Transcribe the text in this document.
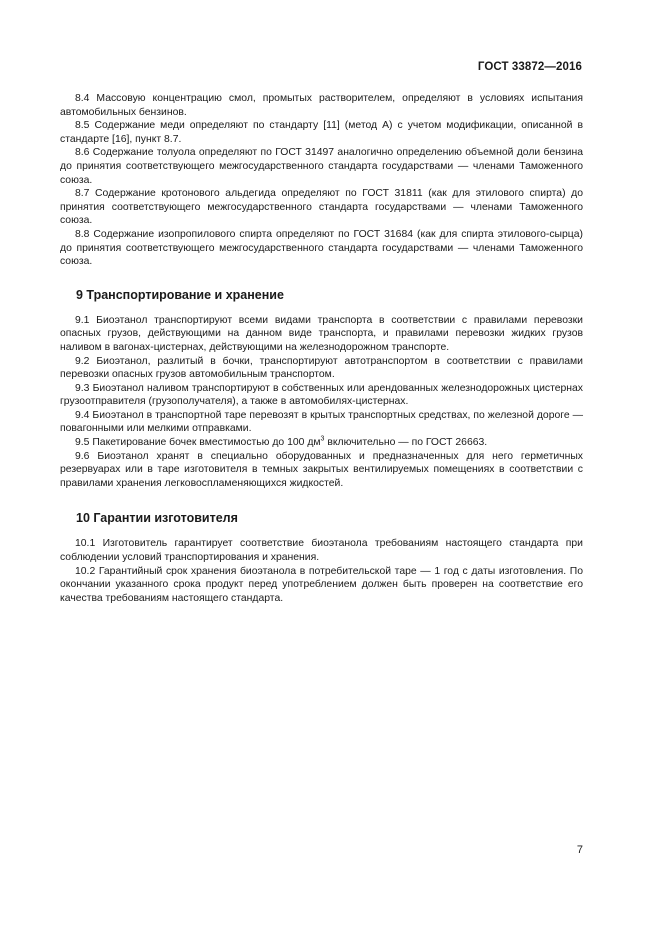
ГОСТ 33872—2016

8.4 Массовую концентрацию смол, промытых растворителем, определяют в условиях испытания автомобильных бензинов.

8.5 Содержание меди определяют по стандарту [11] (метод А) с учетом модификации, описанной в стандарте [16], пункт 8.7.

8.6 Содержание толуола определяют по ГОСТ 31497 аналогично определению объемной доли бензина до принятия соответствующего межгосударственного стандарта государствами — членами Таможенного союза.

8.7 Содержание кротонового альдегида определяют по ГОСТ 31811 (как для этилового спирта) до принятия соответствующего межгосударственного стандарта государствами — членами Таможенного союза.

8.8 Содержание изопропилового спирта определяют по ГОСТ 31684 (как для спирта этилового-сырца) до принятия соответствующего межгосударственного стандарта государствами — членами Таможенного союза.

9 Транспортирование и хранение

9.1 Биоэтанол транспортируют всеми видами транспорта в соответствии с правилами перевозки опасных грузов, действующими на данном виде транспорта, и правилами перевозки жидких грузов наливом в вагонах-цистернах, действующими на железнодорожном транспорте.

9.2 Биоэтанол, разлитый в бочки, транспортируют автотранспортом в соответствии с правилами перевозки опасных грузов автомобильным транспортом.

9.3 Биоэтанол наливом транспортируют в собственных или арендованных железнодорожных цистернах грузоотправителя (грузополучателя), а также в автомобилях-цистернах.

9.4 Биоэтанол в транспортной таре перевозят в крытых транспортных средствах, по железной дороге — повагонными или мелкими отправками.

9.5 Пакетирование бочек вместимостью до 100 $дм^3$ включительно — по ГОСТ 26663.

9.6 Биоэтанол хранят в специально оборудованных и предназначенных для него герметичных резервуарах или в таре изготовителя в темных закрытых вентилируемых помещениях в соответствии с правилами хранения легковоспламеняющихся жидкостей.

10 Гарантии изготовителя

10.1 Изготовитель гарантирует соответствие биоэтанола требованиям настоящего стандарта при соблюдении условий транспортирования и хранения.

10.2 Гарантийный срок хранения биоэтанола в потребительской таре — 1 год с даты изготовления. По окончании указанного срока продукт перед употреблением должен быть проверен на соответствие его качества требованиям настоящего стандарта.

7
